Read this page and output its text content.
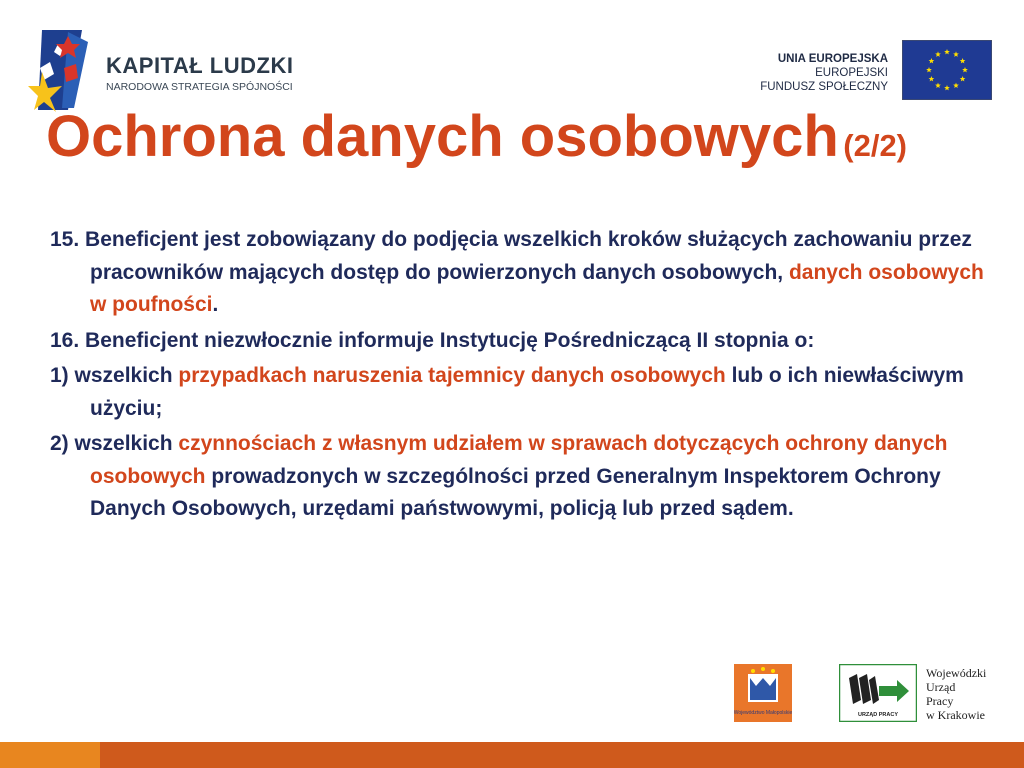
KAPITAŁ LUDZKI
NARODOWA STRATEGIA SPÓJNOŚCI
UNIA EUROPEJSKA
EUROPEJSKI
FUNDUSZ SPOŁECZNY
Ochrona danych osobowych (2/2)

15. Beneficjent jest zobowiązany do podjęcia wszelkich kroków służących zachowaniu przez pracowników mających dostęp do powierzonych danych osobowych, danych osobowych w poufności.

16. Beneficjent niezwłocznie informuje Instytucję Pośredniczącą II stopnia o:

1) wszelkich przypadkach naruszenia tajemnicy danych osobowych lub o ich niewłaściwym użyciu;

2) wszelkich czynnościach z własnym udziałem w sprawach dotyczących ochrony danych osobowych prowadzonych w szczególności przed Generalnym Inspektorem Ochrony Danych Osobowych, urzędami państwowymi, policją lub przed sądem.

Województwo Małopolskie	URZĄD PRACY
Wojewódzki
Urząd
Pracy
w Krakowie
